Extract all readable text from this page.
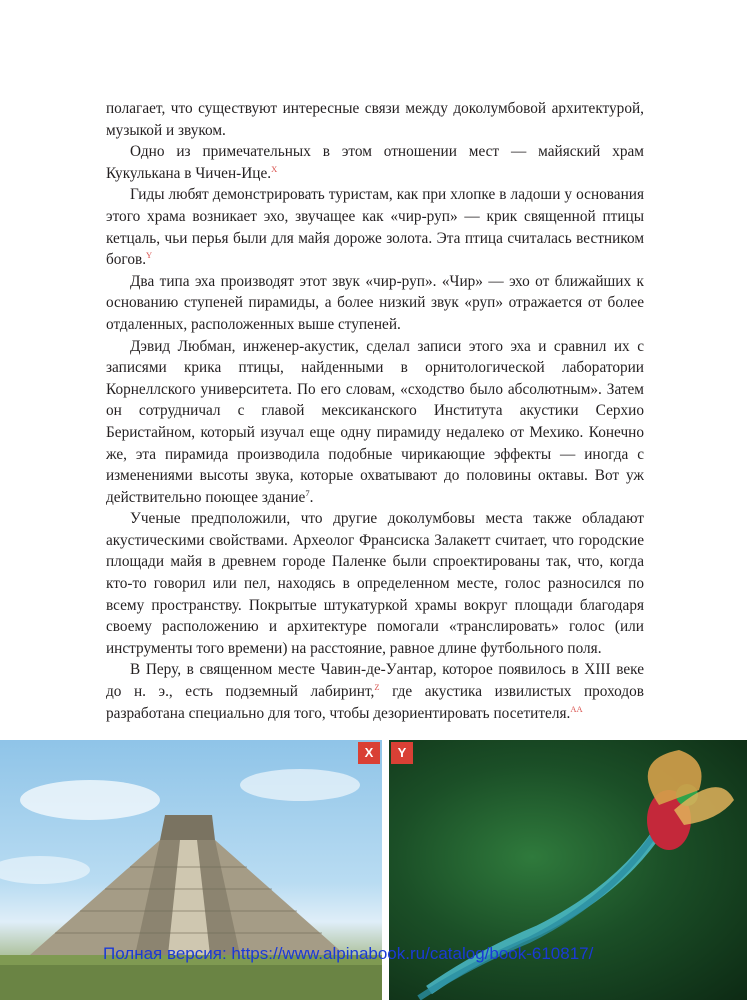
полагает, что существуют интересные связи между доколумбовой архитектурой, музыкой и звуком.

Одно из примечательных в этом отношении мест — майяский храм Кукулькана в Чичен-Ице.$^X$

Гиды любят демонстрировать туристам, как при хлопке в ладоши у основания этого храма возникает эхо, звучащее как «чир-руп» — крик священной птицы кетцаль, чьи перья были для майя дороже золота. Эта птица считалась вестником богов.$^Y$

Два типа эха производят этот звук «чир-руп». «Чир» — эхо от ближайших к основанию ступеней пирамиды, а более низкий звук «руп» отражается от более отдаленных, расположенных выше ступеней.

Дэвид Любман, инженер-акустик, сделал записи этого эха и сравнил их с записями крика птицы, найденными в орнитологической лаборатории Корнеллского университета. По его словам, «сходство было абсолютным». Затем он сотрудничал с главой мексиканского Института акустики Серхио Беристайном, который изучал еще одну пирамиду недалеко от Мехико. Конечно же, эта пирамида производила подобные чирикающие эффекты — иногда с изменениями высоты звука, которые охватывают до половины октавы. Вот уж действительно поющее здание$^7$.

Ученые предположили, что другие доколумбовы места также обладают акустическими свойствами. Археолог Франсиска Залакетт считает, что городские площади майя в древнем городе Паленке были спроектированы так, что, когда кто-то говорил или пел, находясь в определенном месте, голос разносился по всему пространству. Покрытые штукатуркой храмы вокруг площади благодаря своему расположению и архитектуре помогали «транслировать» голос (или инструменты того времени) на расстояние, равное длине футбольного поля.

В Перу, в священном месте Чавин-де-Уантар, которое появилось в XIII веке до н. э., есть подземный лабиринт,$^Z$ где акустика извилистых проходов разработана специально для того, чтобы дезориентировать посетителя.$^{AA}$

X	Y
Полная версия: https://www.alpinabook.ru/catalog/book-610817/
